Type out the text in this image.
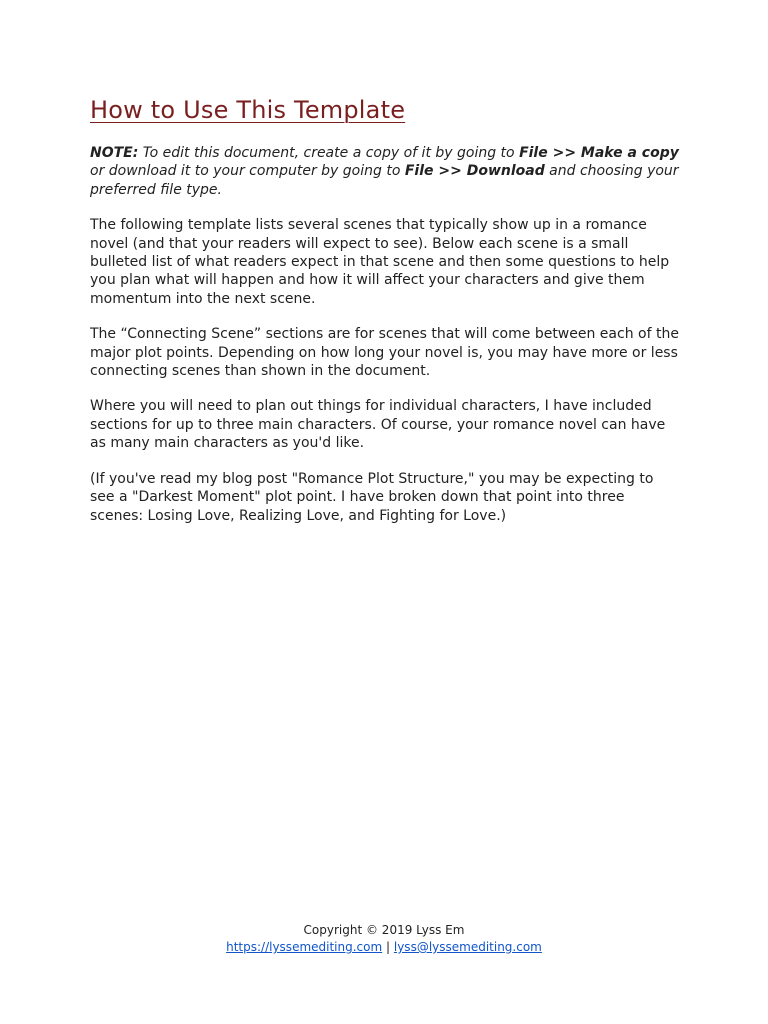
How to Use This Template

NOTE: To edit this document, create a copy of it by going to File >> Make a copy or download it to your computer by going to File >> Download and choosing your preferred file type.

The following template lists several scenes that typically show up in a romance novel (and that your readers will expect to see). Below each scene is a small bulleted list of what readers expect in that scene and then some questions to help you plan what will happen and how it will affect your characters and give them momentum into the next scene.

The “Connecting Scene” sections are for scenes that will come between each of the major plot points. Depending on how long your novel is, you may have more or less connecting scenes than shown in the document.

Where you will need to plan out things for individual characters, I have included sections for up to three main characters. Of course, your romance novel can have as many main characters as you'd like.

(If you've read my blog post "Romance Plot Structure," you may be expecting to see a "Darkest Moment" plot point. I have broken down that point into three scenes: Losing Love, Realizing Love, and Fighting for Love.)

Copyright © 2019 Lyss Em
https://lyssemediting.com | lyss@lyssemediting.com
